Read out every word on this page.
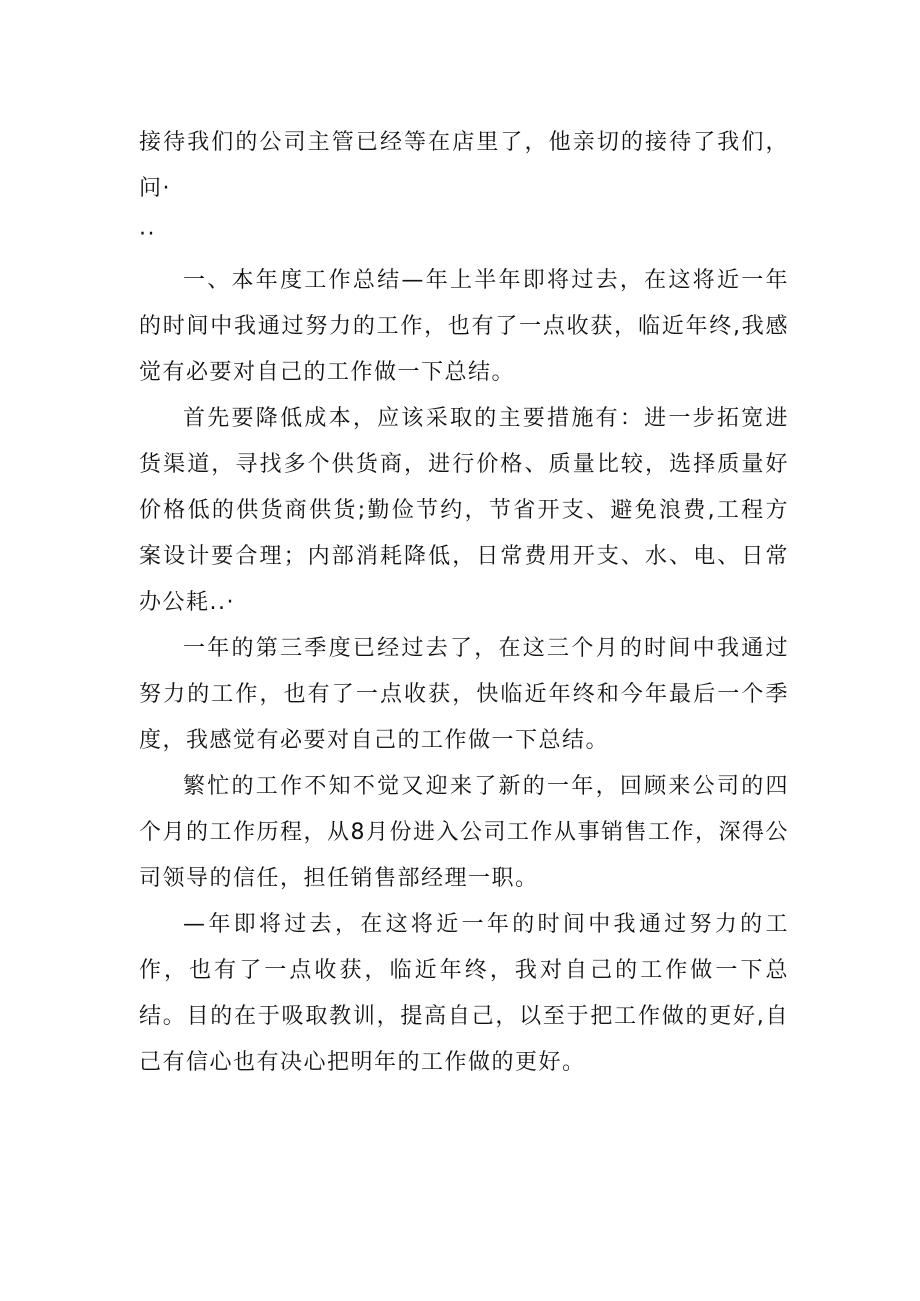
接待我们的公司主管已经等在店里了，他亲切的接待了我们，问·
··

一、本年度工作总结—年上半年即将过去，在这将近一年的时间中我通过努力的工作，也有了一点收获，临近年终,我感觉有必要对自己的工作做一下总结。

首先要降低成本，应该采取的主要措施有：进一步拓宽进货渠道，寻找多个供货商，进行价格、质量比较，选择质量好价格低的供货商供货;勤俭节约，节省开支、避免浪费,工程方案设计要合理；内部消耗降低，日常费用开支、水、电、日常办公耗..·

一年的第三季度已经过去了，在这三个月的时间中我通过努力的工作，也有了一点收获，快临近年终和今年最后一个季度，我感觉有必要对自己的工作做一下总结。

繁忙的工作不知不觉又迎来了新的一年，回顾来公司的四个月的工作历程，从8月份进入公司工作从事销售工作，深得公司领导的信任，担任销售部经理一职。

—年即将过去，在这将近一年的时间中我通过努力的工作，也有了一点收获，临近年终，我对自己的工作做一下总结。目的在于吸取教训，提高自己，以至于把工作做的更好,自己有信心也有决心把明年的工作做的更好。
